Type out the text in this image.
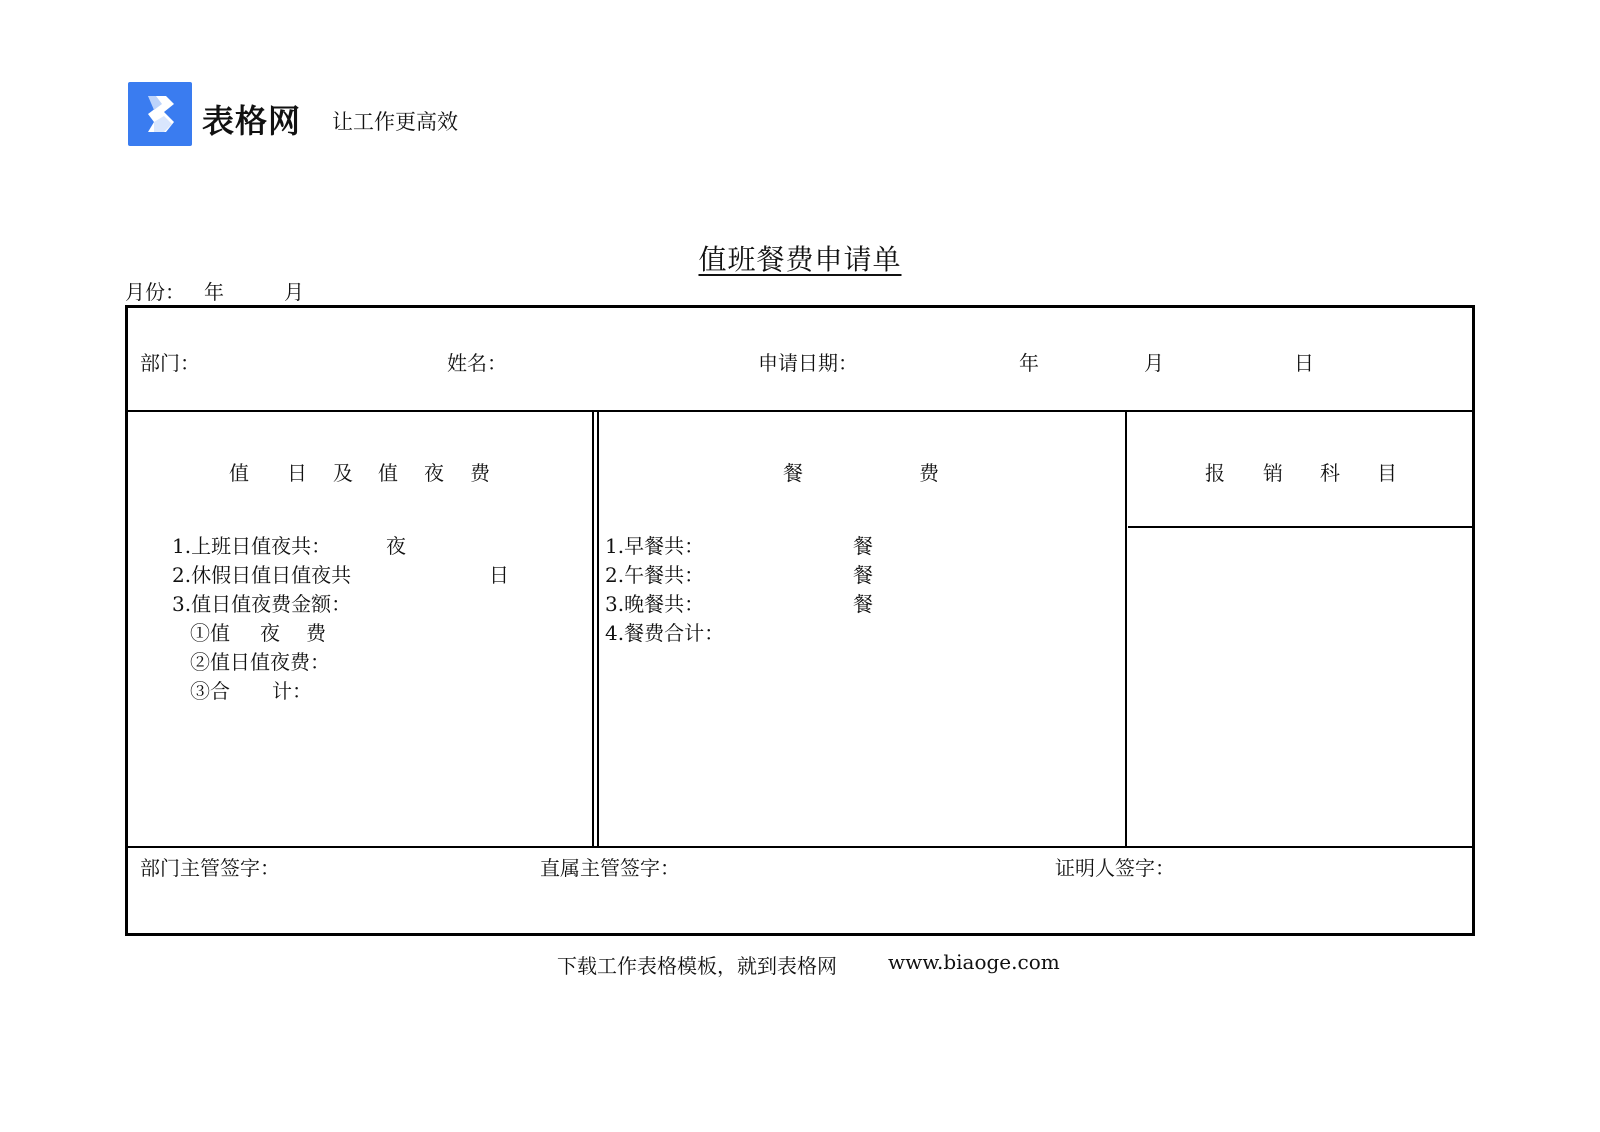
表格网 让工作更高效
值班餐费申请单
月份： 年	月
部门：	姓名：	申请日期：	年	月	日
值 日 及 值 夜 费
1.上班日值夜共：	夜
2.休假日值日值夜共	日
3.值日值夜费金额：
①值 夜 费
②值日值夜费：
③合 计：
餐	费
1.早餐共：	餐
2.午餐共：	餐
3.晚餐共：	餐
4.餐费合计：
报 销 科 目
部门主管签字：	直属主管签字：	证明人签字：
下载工作表格模板，就到表格网	www.biaoge.com
